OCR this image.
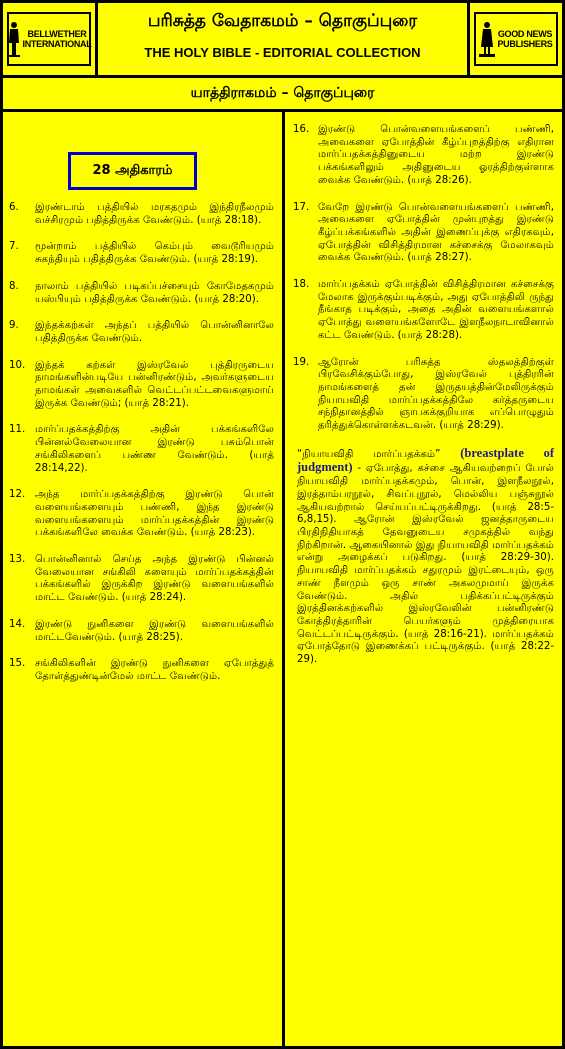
BELLWETHER
INTERNATIONAL
பரிசுத்த வேதாகமம் – தொகுப்புரை
THE HOLY BIBLE - EDITORIAL COLLECTION
GOOD NEWS
PUBLISHERS
யாத்திராகமம் – தொகுப்புரை
28 அதிகாரம்
6.	இரண்டாம் பத்தியில் மரகதமும் இந்திரநீலமும் வச்சிரமும் பதித்திருக்க வேண்டும். (யாத் 28:18).
7.	மூன்றாம் பத்தியில் கெம்பும் வைடூரியமும் சுகந்தியும் பதித்திருக்க வேண்டும். (யாத் 28:19).
8.	நாலாம் பத்தியில் படிகப்பச்சையும் கோமேதகமும் யஸ்பியும் பதித்திருக்க வேண்டும். (யாத் 28:20).
9.	இந்தக்கற்கள் அந்தப் பத்தியில் பொன்னினாலே பதித்திருக்க வேண்டும்.
10. இந்தக் கற்கள் இஸ்ரவேல் புத்திரருடைய நாமங்களின்படியே பன்னிரண்டும், அவர்களுடைய நாமங்கள் அவைகளில் வெட்டப்பட்டவைகளுமாய் இருக்க வேண்டும்; (யாத் 28:21).
11. மார்ப்பதக்கத்திற்கு அதின் பக்கங்களிலே பின்னல்வேலையான இரண்டு பசும்பொன் சங்கிலிகளைப் பண்ண வேண்டும். (யாத் 28:14,22).
12. அந்த மார்ப்பதக்கத்திற்கு இரண்டு பொன் வளையங்களையும் பண்ணி, இந்த இரண்டு வளையங்களையும் மார்ப்பதக்கத்தின் இரண்டு பக்கங்களிலே வைக்க வேண்டும். (யாத் 28:23).
13. பொன்னினால் செய்த அந்த இரண்டு பின்னல் வேலையான சங்கிலி களையும் மார்ப்பதக்கத்தின் பக்கங்களில் இருக்கிற இரண்டு வளையங்களில் மாட்ட வேண்டும். (யாத் 28:24).
14. இரண்டு நுனிகளை இரண்டு வளையங்களில் மாட்டவேண்டும். (யாத் 28:25).
15. சங்கிலிகளின் இரண்டு நுனிகளை ஏபோத்துத் தோள்த்துண்டின்மேல் மாட்ட வேண்டும்.
16. இரண்டு பொன்வளையங்களைப் பண்ணி, அவைகளை ஏபோத்தின் கீழ்ப்புறத்திற்கு எதிரான மார்ப்பதக்கத்தினுடைய மற்ற இரண்டு பக்கங்களிலும் அதினுடைய ஓரத்திற்குள்ளாக வைக்க வேண்டும். (யாத் 28:26).
17. வேறே இரண்டு பொன்வளையங்களைப் பண்ணி, அவைகளை ஏபோத்தின் முன்புறத்து இரண்டு கீழ்ப்பக்கங்களில் அதின் இணைப்புக்கு எதிரகவும், ஏபோத்தின் விசித்திரமான கச்சைக்கு மேலாகவும் வைக்க வேண்டும். (யாத் 28:27).
18. மார்ப்பதக்கம் ஏபோத்தின் விசித்திரமான கச்சைக்கு மேலாக இருக்கும்படிக்கும், அது ஏபோத்திலி ருந்து நீங்காத படிக்கும், அதை அதின் வளையங்களால் ஏபோத்து வளையங்களோடே இளநீலநாடாவினால் கட்ட வேண்டும். (யாத் 28:28).
19. ஆரோன் பரிசுத்த ஸ்தலத்திற்குள் பிரவேசிக்கும்போது, இஸ்ரவேல் புத்திரரின் நாமங்களைத் தன் இருதயத்தின்மேலிருக்கும் நியாயவிதி மார்ப்பதக்கத்திலே கர்த்தருடைய சந்நிதானத்தில் ஞாபகக்குறியாக எப்பொழுதும் தரித்துக்கொள்ளக்கடவன். (யாத் 28:29).
“நியாயவிதி மார்ப்பதக்கம்” (breastplate of judgment) - ஏபோத்து, கச்சை ஆகியவற்றைப் போல் நியாயவிதி மார்ப்பதக்கமும், பொன், இளநீலநூல், இரத்தாம்பரநூல், சிவப்புநூல், மெல்லிய பஞ்சுநூல் ஆகியவற்றால் செய்யப்பட்டிருக்கிறது. (யாத் 28:5-6,8,15). ஆரோன் இஸ்ரவேல் ஜனத்தாருடைய பிரதிநிதியாகத் தேவனுடைய சமுகத்தில் வந்து நிற்கிறான். ஆகையினால் இது நியாயவிதி மார்ப்பதக்கம் என்று அழைக்கப் படுகிறது. (யாத் 28:29-30). நியாயவிதி மார்ப்பதக்கம் சதுரமும் இரட்டையும், ஒரு சாண் நீளமும் ஒரு சாண் அகலமுமாய் இருக்க வேண்டும். அதில் பதிக்கப்பட்டிருக்கும் இரத்தினக்கற்களில் இஸ்ரவேலின் பன்னிரண்டு கோத்திரத்தாரின் பெயர்களும் முத்திரையாக வெட்டப்பட்டிருக்கும். (யாத் 28:16-21). மார்ப்பதக்கம் ஏபோத்தோடு இணைக்கப் பட்டிருக்கும். (யாத் 28:22-29).
